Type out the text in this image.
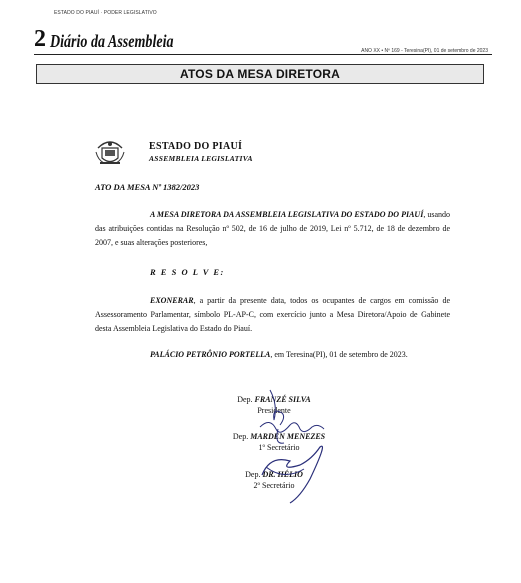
ESTADO DO PIAUÍ · PODER LEGISLATIVO
2 Diário da Assembleia	ANO XX • Nº 169 - Teresina(PI), 01 de setembro de 2023
ATOS DA MESA DIRETORA
ESTADO DO PIAUÍ
ASSEMBLEIA LEGISLATIVA
ATO DA MESA Nº 1382/2023
A MESA DIRETORA DA ASSEMBLEIA LEGISLATIVA DO ESTADO DO PIAUÍ, usando das atribuições contidas na Resolução nº 502, de 16 de julho de 2019, Lei nº 5.712, de 18 de dezembro de 2007, e suas alterações posteriores,
R E S O L V E:
EXONERAR, a partir da presente data, todos os ocupantes de cargos em comissão de Assessoramento Parlamentar, símbolo PL-AP-C, com exercício junto a Mesa Diretora/Apoio de Gabinete desta Assembleia Legislativa do Estado do Piauí.
PALÁCIO PETRÔNIO PORTELLA, em Teresina(PI), 01 de setembro de 2023.
Dep. FRANZÉ SILVA
Presidente
Dep. MARDEN MENEZES
1º Secretário
Dep. DR. HÉLIO
2º Secretário
